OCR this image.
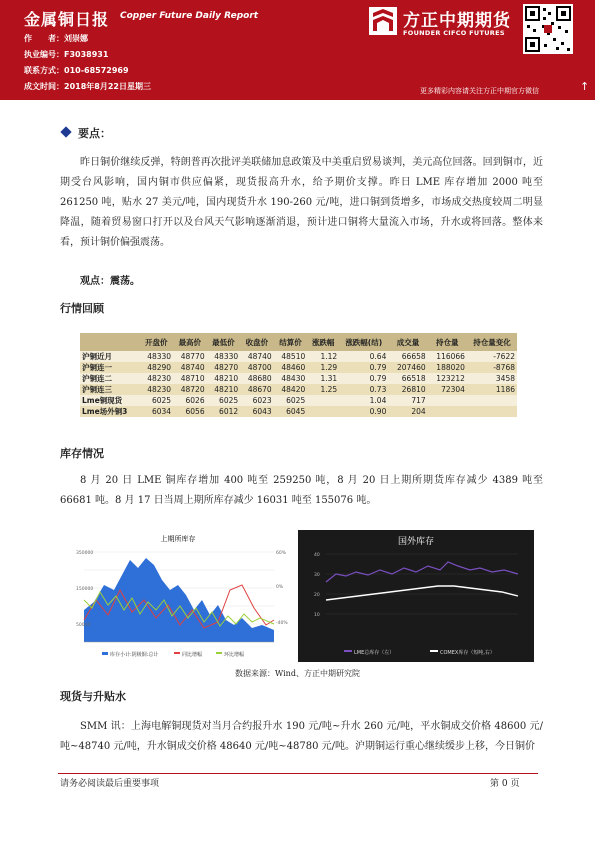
金属铜日报 Copper Future Daily Report
作　　者：刘崇娜
执业编号：F3038931
联系方式：010-68572969
成文时间：2018年8月22日星期三
方正中期期货
FOUNDER CIFCO FUTURES
更多精彩内容请关注方正中期官方微信	↑
要点：
昨日铜价继续反弹，特朗普再次批评美联储加息政策及中美重启贸易谈判，美元高位回落。回到铜市，近期受台风影响，国内铜市供应偏紧，现货报高升水，给予期价支撑。昨日 LME 库存增加 2000 吨至 261250 吨，贴水 27 美元/吨，国内现货升水 190-260 元/吨，进口铜到货增多，市场成交热度较周二明显降温，随着贸易窗口打开以及台风天气影响逐渐消退，预计进口铜将大量流入市场，升水或将回落。整体来看，预计铜价偏强震荡。
观点：震荡。
行情回顾
	开盘价	最高价	最低价	收盘价	结算价	涨跌幅	涨跌幅(结)	成交量	持仓量	持仓量变化
沪铜近月	48330	48770	48330	48740	48510	1.12	0.64	66658	116066	-7622
沪铜连一	48290	48740	48270	48700	48460	1.29	0.79	207460	188020	-8768
沪铜连二	48230	48710	48210	48680	48430	1.31	0.79	66518	123212	3458
沪铜连三	48230	48720	48210	48670	48420	1.25	0.73	26810	72304	1186
Lme铜现货	6025	6026	6025	6023	6025		1.04	717		
Lme场外铜3	6034	6056	6012	6043	6045		0.90	204		
库存情况
8 月 20 日 LME 铜库存增加 400 吨至 259250 吨，8 月 20 日上期所期货库存减少 4389 吨至 66681 吨。8 月 17 日当周上期所库存减少 16031 吨至 155076 吨。
上期所库存
350000
150000
50000
60%
0%
-40%
库存小计:阴极铜:总计	同比增幅	环比增幅
国外库存
40
30
20
10
LME总库存（左）	COMEX库存（短吨,右）
数据来源：Wind、方正中期研究院
现货与升贴水
SMM 讯：上海电解铜现货对当月合约报升水 190 元/吨~升水 260 元/吨，平水铜成交价格 48600 元/吨~48740 元/吨，升水铜成交价格 48640 元/吨~48780 元/吨。沪期铜运行重心继续缓步上移，今日铜价
请务必阅读最后重要事项	第 0 页
